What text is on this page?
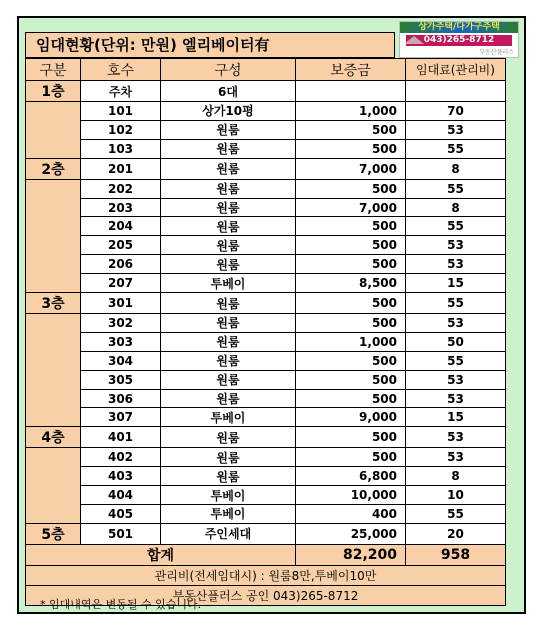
임대현황(단위: 만원) 엘리베이터有
상가주택/다가구주택
043)265-8712
부동산플러스
구분	호수	구성	보증금	임대료(관리비)
1층	주차	6대		
	101	상가10평	1,000	70
	102	원룸	500	53
	103	원룸	500	55
2층	201	원룸	7,000	8
	202	원룸	500	55
	203	원룸	7,000	8
	204	원룸	500	55
	205	원룸	500	53
	206	원룸	500	53
	207	투베이	8,500	15
3층	301	원룸	500	55
	302	원룸	500	53
	303	원룸	1,000	50
	304	원룸	500	55
	305	원룸	500	53
	306	원룸	500	53
	307	투베이	9,000	15
4층	401	원룸	500	53
	402	원룸	500	53
	403	원룸	6,800	8
	404	투베이	10,000	10
	405	투베이	400	55
5층	501	주인세대	25,000	20
합계			82,200	958
관리비(전세임대시) : 원룸8만,투베이10만				
부동산플러스 공인 043)265-8712				
* 임대내역은 변동될 수 있습니다.
